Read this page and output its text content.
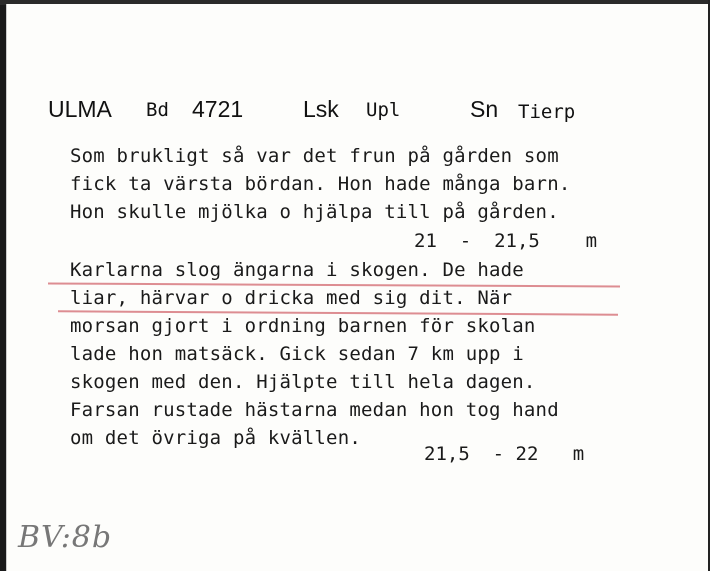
ULMA Bd 4721	Lsk Upl	Sn Tierp
Som brukligt så var det frun på gården som
fick ta värsta bördan. Hon hade många barn.
Hon skulle mjölka o hjälpa till på gården.
21  -  21,5    m
Karlarna slog ängarna i skogen. De hade
liar, härvar o dricka med sig dit. När
morsan gjort i ordning barnen för skolan
lade hon matsäck. Gick sedan 7 km upp i
skogen med den. Hjälpte till hela dagen.
Farsan rustade hästarna medan hon tog hand
om det övriga på kvällen.
21,5  - 22   m
BV:8b
